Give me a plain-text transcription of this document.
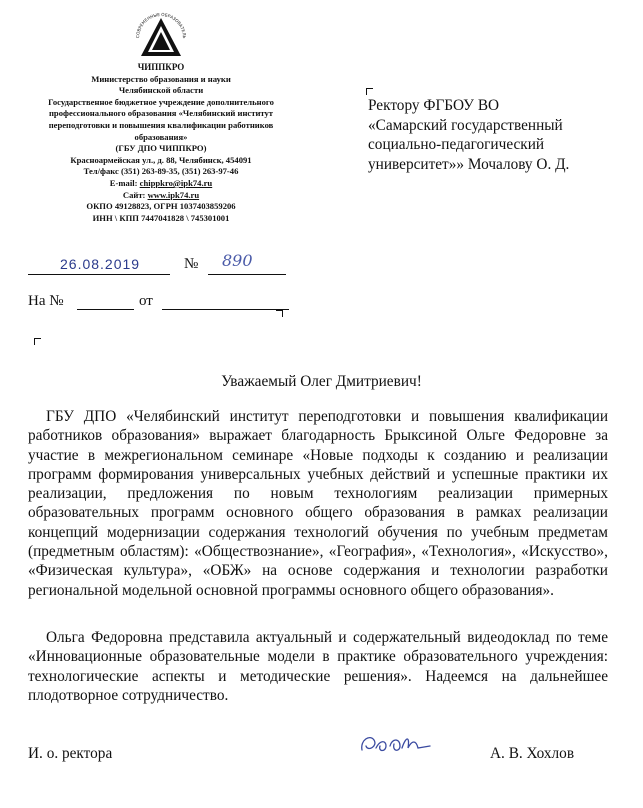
СОВРЕМЕННЫЕ ОБРАЗОВАТЕЛЬ
ЧИППКРО
Министерство образования и науки
Челябинской области
Государственное бюджетное учреждение дополнительного
профессионального образования «Челябинский институт
переподготовки и повышения квалификации работников
образования»
(ГБУ ДПО ЧИППКРО)
Красноармейская ул., д. 88, Челябинск, 454091
Тел/факс (351) 263-89-35, (351) 263-97-46
E-mail: chippkro@ipk74.ru
Сайт: www.ipk74.ru
ОКПО 49128823, ОГРН 1037403859206
ИНН \ КПП 7447041828 \ 745301001
26.08.2019	№ 890
На №	от
Ректору ФГБОУ ВО
«Самарский государственный
социально-педагогический
университет»» Мочалову О. Д.
Уважаемый Олег Дмитриевич!
ГБУ ДПО «Челябинский институт переподготовки и повышения квалификации работников образования» выражает благодарность Брыксиной Ольге Федоровне за участие в межрегиональном семинаре «Новые подходы к созданию и реализации программ формирования универсальных учебных действий и успешные практики их реализации, предложения по новым технологиям реализации примерных образовательных программ основного общего образования в рамках реализации концепций модернизации содержания технологий обучения по учебным предметам (предметным областям): «Обществознание», «География», «Технология», «Искусство», «Физическая культура», «ОБЖ» на основе содержания и технологии разработки региональной модельной основной программы основного общего образования».
Ольга Федоровна представила актуальный и содержательный видеодоклад по теме «Инновационные образовательные модели в практике образовательного учреждения: технологические аспекты и методические решения». Надеемся на дальнейшее плодотворное сотрудничество.
И. о. ректора	А. В. Хохлов
